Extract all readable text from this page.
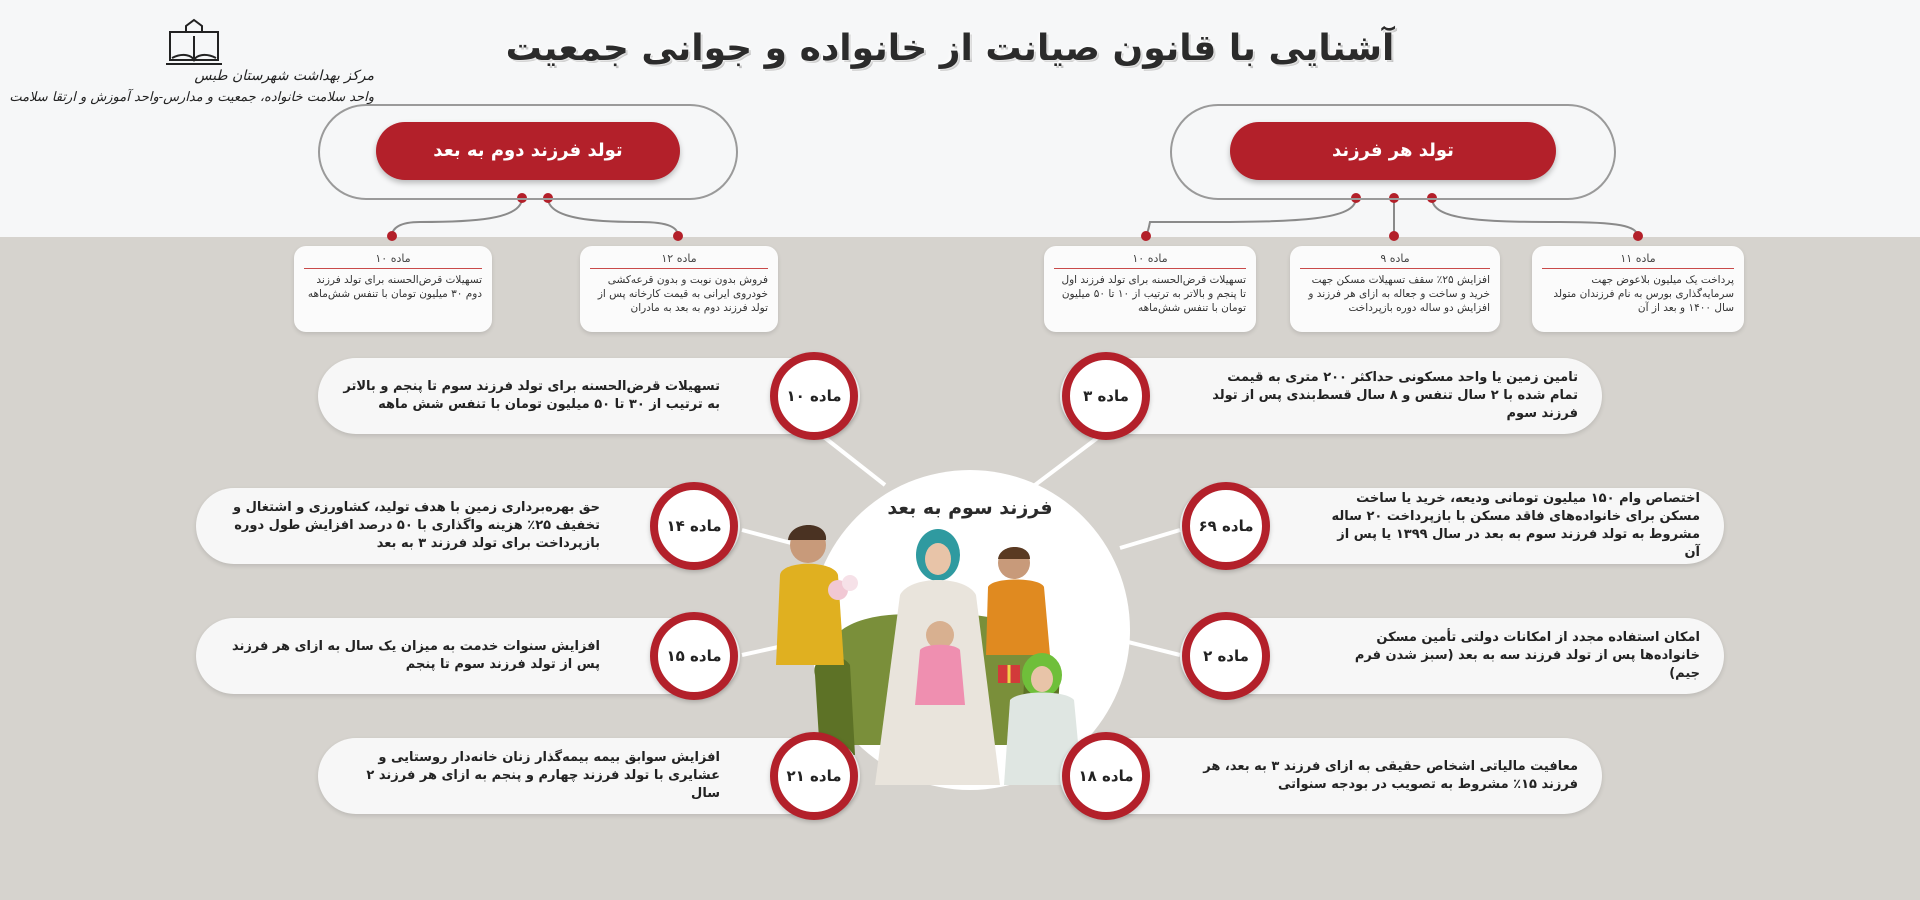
آشنایی با قانون صیانت از خانواده و جوانی جمعیت
مرکز بهداشت شهرستان طبس
واحد سلامت خانواده، جمعیت و مدارس-واحد آموزش و ارتقا سلامت
تولد هر فرزند
تولد فرزند دوم به بعد
ماده ۱۱
پرداخت یک میلیون بلاعوض جهت سرمایه‌گذاری بورس به نام فرزندان متولد سال ۱۴۰۰ و بعد از آن
ماده ۹
افزایش ۲۵٪ سقف تسهیلات مسکن جهت خرید و ساخت و جعاله به ازای هر فرزند و افزایش دو ساله دوره بازپرداخت
ماده ۱۰
تسهیلات قرض‌الحسنه برای تولد فرزند اول تا پنجم و بالاتر به ترتیب از ۱۰ تا ۵۰ میلیون تومان با تنفس شش‌ماهه
ماده ۱۲
فروش بدون نوبت و بدون قرعه‌کشی خودروی ایرانی به قیمت کارخانه پس از تولد فرزند دوم به بعد به مادران
ماده ۱۰
تسهیلات قرض‌الحسنه برای تولد فرزند دوم ۳۰ میلیون تومان با تنفس شش‌ماهه
فرزند سوم به بعد
تامین زمین یا واحد مسکونی حداکثر ۲۰۰ متری به قیمت تمام شده با ۲ سال تنفس و ۸ سال قسط‌بندی پس از تولد فرزند سوم
ماده ۳
اختصاص وام ۱۵۰ میلیون تومانی ودیعه، خرید یا ساخت مسکن برای خانواده‌های فاقد مسکن با بازپرداخت ۲۰ ساله مشروط به تولد فرزند سوم به بعد در سال ۱۳۹۹ یا پس از آن
ماده ۶۹
امکان استفاده مجدد از امکانات دولتی تأمین مسکن خانواده‌ها پس از تولد فرزند سه به بعد (سبز شدن فرم جیم)
ماده ۲
معافیت مالیاتی اشخاص حقیقی به ازای فرزند ۳ به بعد، هر فرزند ۱۵٪ مشروط به تصویب در بودجه سنواتی
ماده ۱۸
تسهیلات قرض‌الحسنه برای تولد فرزند سوم تا پنجم و بالاتر به ترتیب از ۳۰ تا ۵۰ میلیون تومان با تنفس شش ماهه	ماده ۱۰
حق بهره‌برداری زمین با هدف تولید، کشاورزی و اشتغال و تخفیف ۲۵٪ هزینه واگذاری با ۵۰ درصد افزایش طول دوره بازپرداخت برای تولد فرزند ۳ به بعد
ماده ۱۴
افزایش سنوات خدمت به میزان یک سال به ازای هر فرزند پس از تولد فرزند سوم تا پنجم	ماده ۱۵
افزایش سوابق بیمه بیمه‌گذار زنان خانه‌دار روستایی و عشایری با تولد فرزند چهارم و پنجم به ازای هر فرزند ۲ سال
ماده ۲۱
